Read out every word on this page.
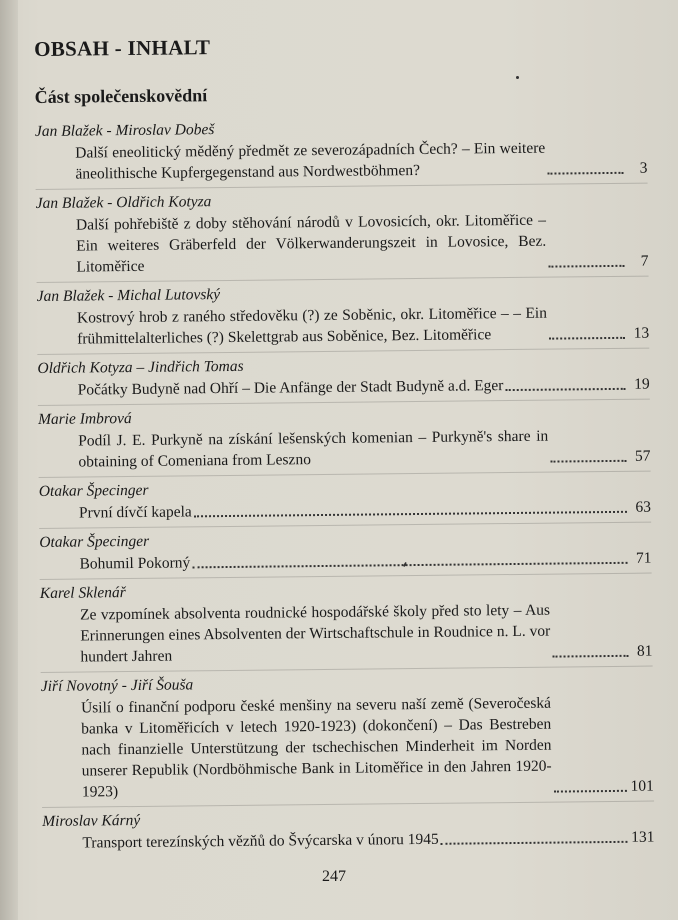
OBSAH - INHALT
Část společenskovědní
Jan Blažek - Miroslav Dobeš
Další eneolitický měděný předmět ze severozápadních Čech? – Ein weitere äneolithische Kupfergegenstand aus Nordwestböhmen?	3
Jan Blažek - Oldřich Kotyza
Další pohřebiště z doby stěhování národů v Lovosicích, okr. Litoměřice – Ein weiteres Gräberfeld der Völkerwanderungszeit in Lovosice, Bez. Litoměřice	7
Jan Blažek - Michal Lutovský
Kostrový hrob z raného středověku (?) ze Soběnic, okr. Litoměřice – – Ein frühmittelalterliches (?) Skelettgrab aus Soběnice, Bez. Litoměřice	13
Oldřich Kotyza – Jindřich Tomas
Počátky Budyně nad Ohří – Die Anfänge der Stadt Budyně a.d. Eger	19
Marie Imbrová
Podíl J. E. Purkyně na získání lešenských komenian – Purkyně's share in obtaining of Comeniana from Leszno	57
Otakar Špecinger
První dívčí kapela	63
Otakar Špecinger
Bohumil Pokorný	71
Karel Sklenář
Ze vzpomínek absolventa roudnické hospodářské školy před sto lety – Aus Erinnerungen eines Absolventen der Wirtschaftschule in Roudnice n. L. vor hundert Jahren	81
Jiří Novotný - Jiří Šouša
Úsilí o finanční podporu české menšiny na severu naší země (Severočeská banka v Litoměřicích v letech 1920-1923) (dokončení) – Das Bestreben nach finanzielle Unterstützung der tschechischen Minderheit im Norden unserer Republik (Nordböhmische Bank in Litoměřice in den Jahren 1920-1923)	101
Miroslav Kárný
Transport terezínských vězňů do Švýcarska v únoru 1945	131
247
